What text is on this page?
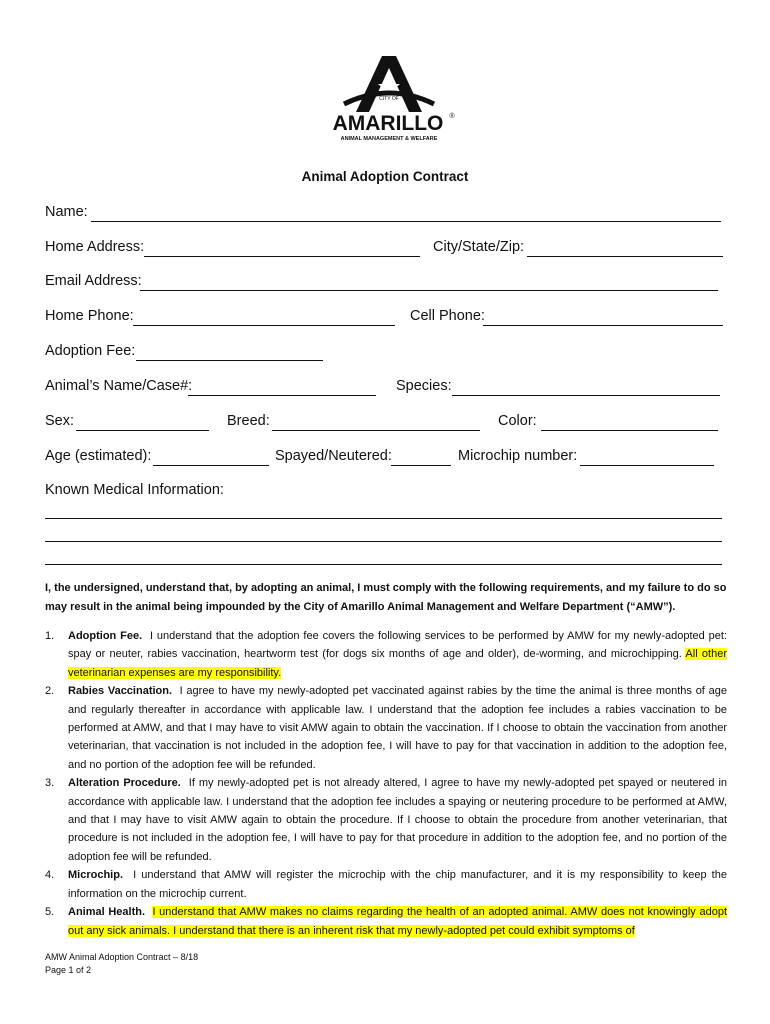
CITY OF
AMARILLO ®
ANIMAL MANAGEMENT & WELFARE
Animal Adoption Contract
Name:
Home Address:	City/State/Zip:
Email Address:
Home Phone:	Cell Phone:
Adoption Fee:
Animal’s Name/Case#:	Species:
Sex:	Breed:	Color:
Age (estimated):	Spayed/Neutered:	Microchip number:
Known Medical Information:
I, the undersigned, understand that, by adopting an animal, I must comply with the following requirements, and my failure to do so may result in the animal being impounded by the City of Amarillo Animal Management and Welfare Department (“AMW”).
1. Adoption Fee. I understand that the adoption fee covers the following services to be performed by AMW for my newly-adopted pet: spay or neuter, rabies vaccination, heartworm test (for dogs six months of age and older), de-worming, and microchipping. All other veterinarian expenses are my responsibility.
2. Rabies Vaccination. I agree to have my newly-adopted pet vaccinated against rabies by the time the animal is three months of age and regularly thereafter in accordance with applicable law. I understand that the adoption fee includes a rabies vaccination to be performed at AMW, and that I may have to visit AMW again to obtain the vaccination. If I choose to obtain the vaccination from another veterinarian, that vaccination is not included in the adoption fee, I will have to pay for that vaccination in addition to the adoption fee, and no portion of the adoption fee will be refunded.
3. Alteration Procedure. If my newly-adopted pet is not already altered, I agree to have my newly-adopted pet spayed or neutered in accordance with applicable law. I understand that the adoption fee includes a spaying or neutering procedure to be performed at AMW, and that I may have to visit AMW again to obtain the procedure. If I choose to obtain the procedure from another veterinarian, that procedure is not included in the adoption fee, I will have to pay for that procedure in addition to the adoption fee, and no portion of the adoption fee will be refunded.
4. Microchip. I understand that AMW will register the microchip with the chip manufacturer, and it is my responsibility to keep the information on the microchip current.
5. Animal Health. I understand that AMW makes no claims regarding the health of an adopted animal. AMW does not knowingly adopt out any sick animals. I understand that there is an inherent risk that my newly-adopted pet could exhibit symptoms of
AMW Animal Adoption Contract – 8/18
Page 1 of 2
